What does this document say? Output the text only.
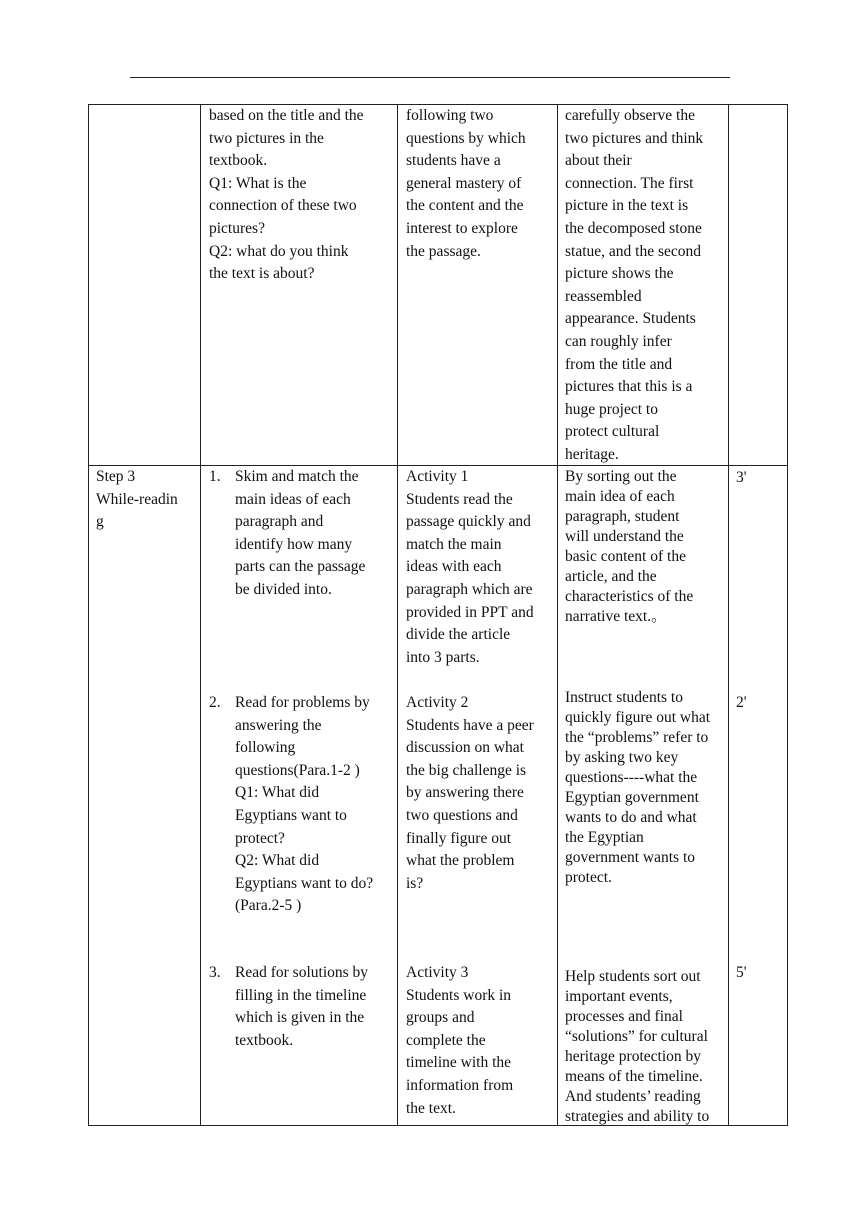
based on the title and the
two pictures in the
textbook.
Q1: What is the
connection of these two
pictures?
Q2: what do you think
the text is about?
following two
questions by which
students have a
general mastery of
the content and the
interest to explore
the passage.
carefully observe the
two pictures and think
about their
connection. The first
picture in the text is
the decomposed stone
statue, and the second
picture shows the
reassembled
appearance. Students
can roughly infer
from the title and
pictures that this is a
huge project to
protect cultural
heritage.
Step 3
While-readin
g
1. Skim and match the
main ideas of each
paragraph and
identify how many
parts can the passage
be divided into.
Activity 1
Students read the
passage quickly and
match the main
ideas with each
paragraph which are
provided in PPT and
divide the article
into 3 parts.
By sorting out the
main idea of each
paragraph, student
will understand the
basic content of the
article, and the
characteristics of the
narrative text.。
3'
2. Read for problems by
answering the
following
questions(Para.1-2 )
Q1: What did
Egyptians want to
protect?
Q2: What did
Egyptians want to do?
(Para.2-5 )
Activity 2
Students have a peer
discussion on what
the big challenge is
by answering there
two questions and
finally figure out
what the problem
is?
Instruct students to
quickly figure out what
the “problems” refer to
by asking two key
questions----what the
Egyptian government
wants to do and what
the Egyptian
government wants to
protect.
2'
3. Read for solutions by
filling in the timeline
which is given in the
textbook.
Activity 3
Students work in
groups and
complete the
timeline with the
information from
the text.
Help students sort out
important events,
processes and final
“solutions” for cultural
heritage protection by
means of the timeline.
And students’ reading
strategies and ability to
5'
